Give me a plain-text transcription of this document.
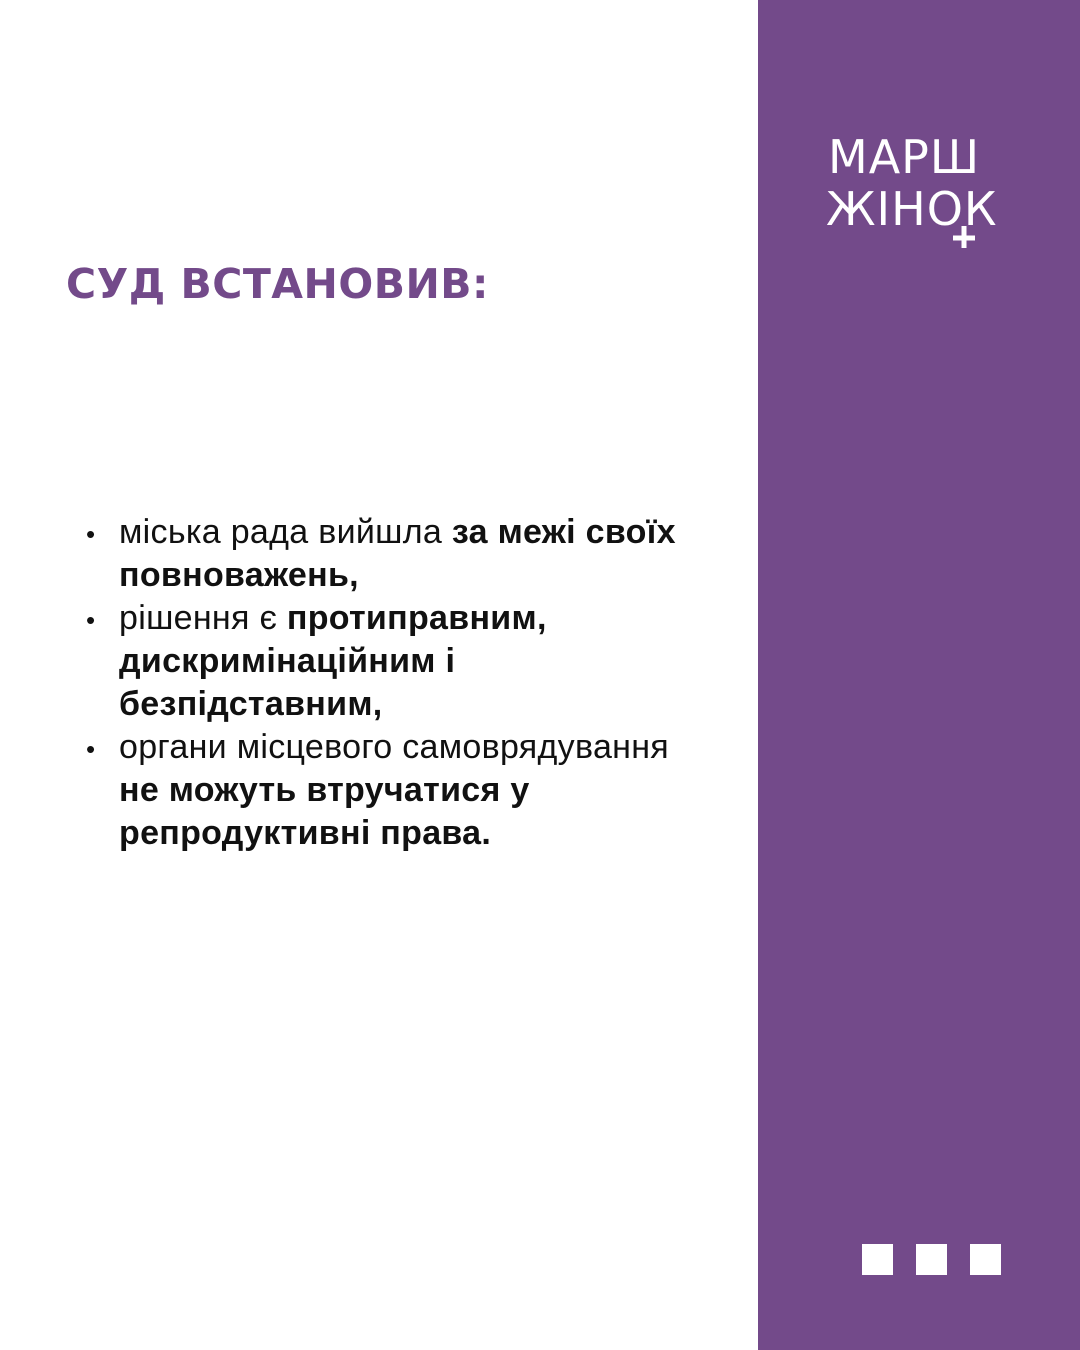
МАРШ
ЖІНОК
СУД ВСТАНОВИВ:
• міська рада вийшла за межі своїх повноважень,
• рішення є протиправним, дискримінаційним і безпідставним,
• органи місцевого самоврядування не можуть втручатися у репродуктивні права.
